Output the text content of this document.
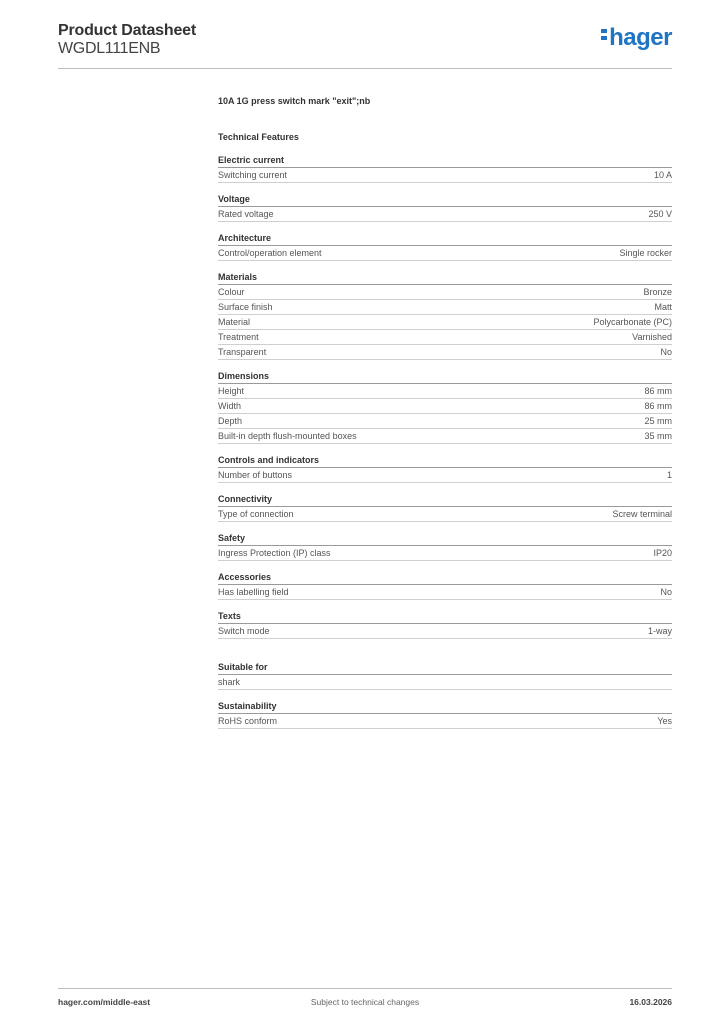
Product Datasheet
WGDL111ENB	hager
10A 1G press switch mark "exit";nb
Technical Features
Electric current
Switching current	10 A
Voltage
Rated voltage	250 V
Architecture
Control/operation element	Single rocker
Materials
Colour	Bronze
Surface finish	Matt
Material	Polycarbonate (PC)
Treatment	Varnished
Transparent	No
Dimensions
Height	86 mm
Width	86 mm
Depth	25 mm
Built-in depth flush-mounted boxes	35 mm
Controls and indicators
Number of buttons	1
Connectivity
Type of connection	Screw terminal
Safety
Ingress Protection (IP) class	IP20
Accessories
Has labelling field	No
Texts
Switch mode	1-way
Suitable for
shark
Sustainability
RoHS conform	Yes
hager.com/middle-east	Subject to technical changes	16.03.2026
